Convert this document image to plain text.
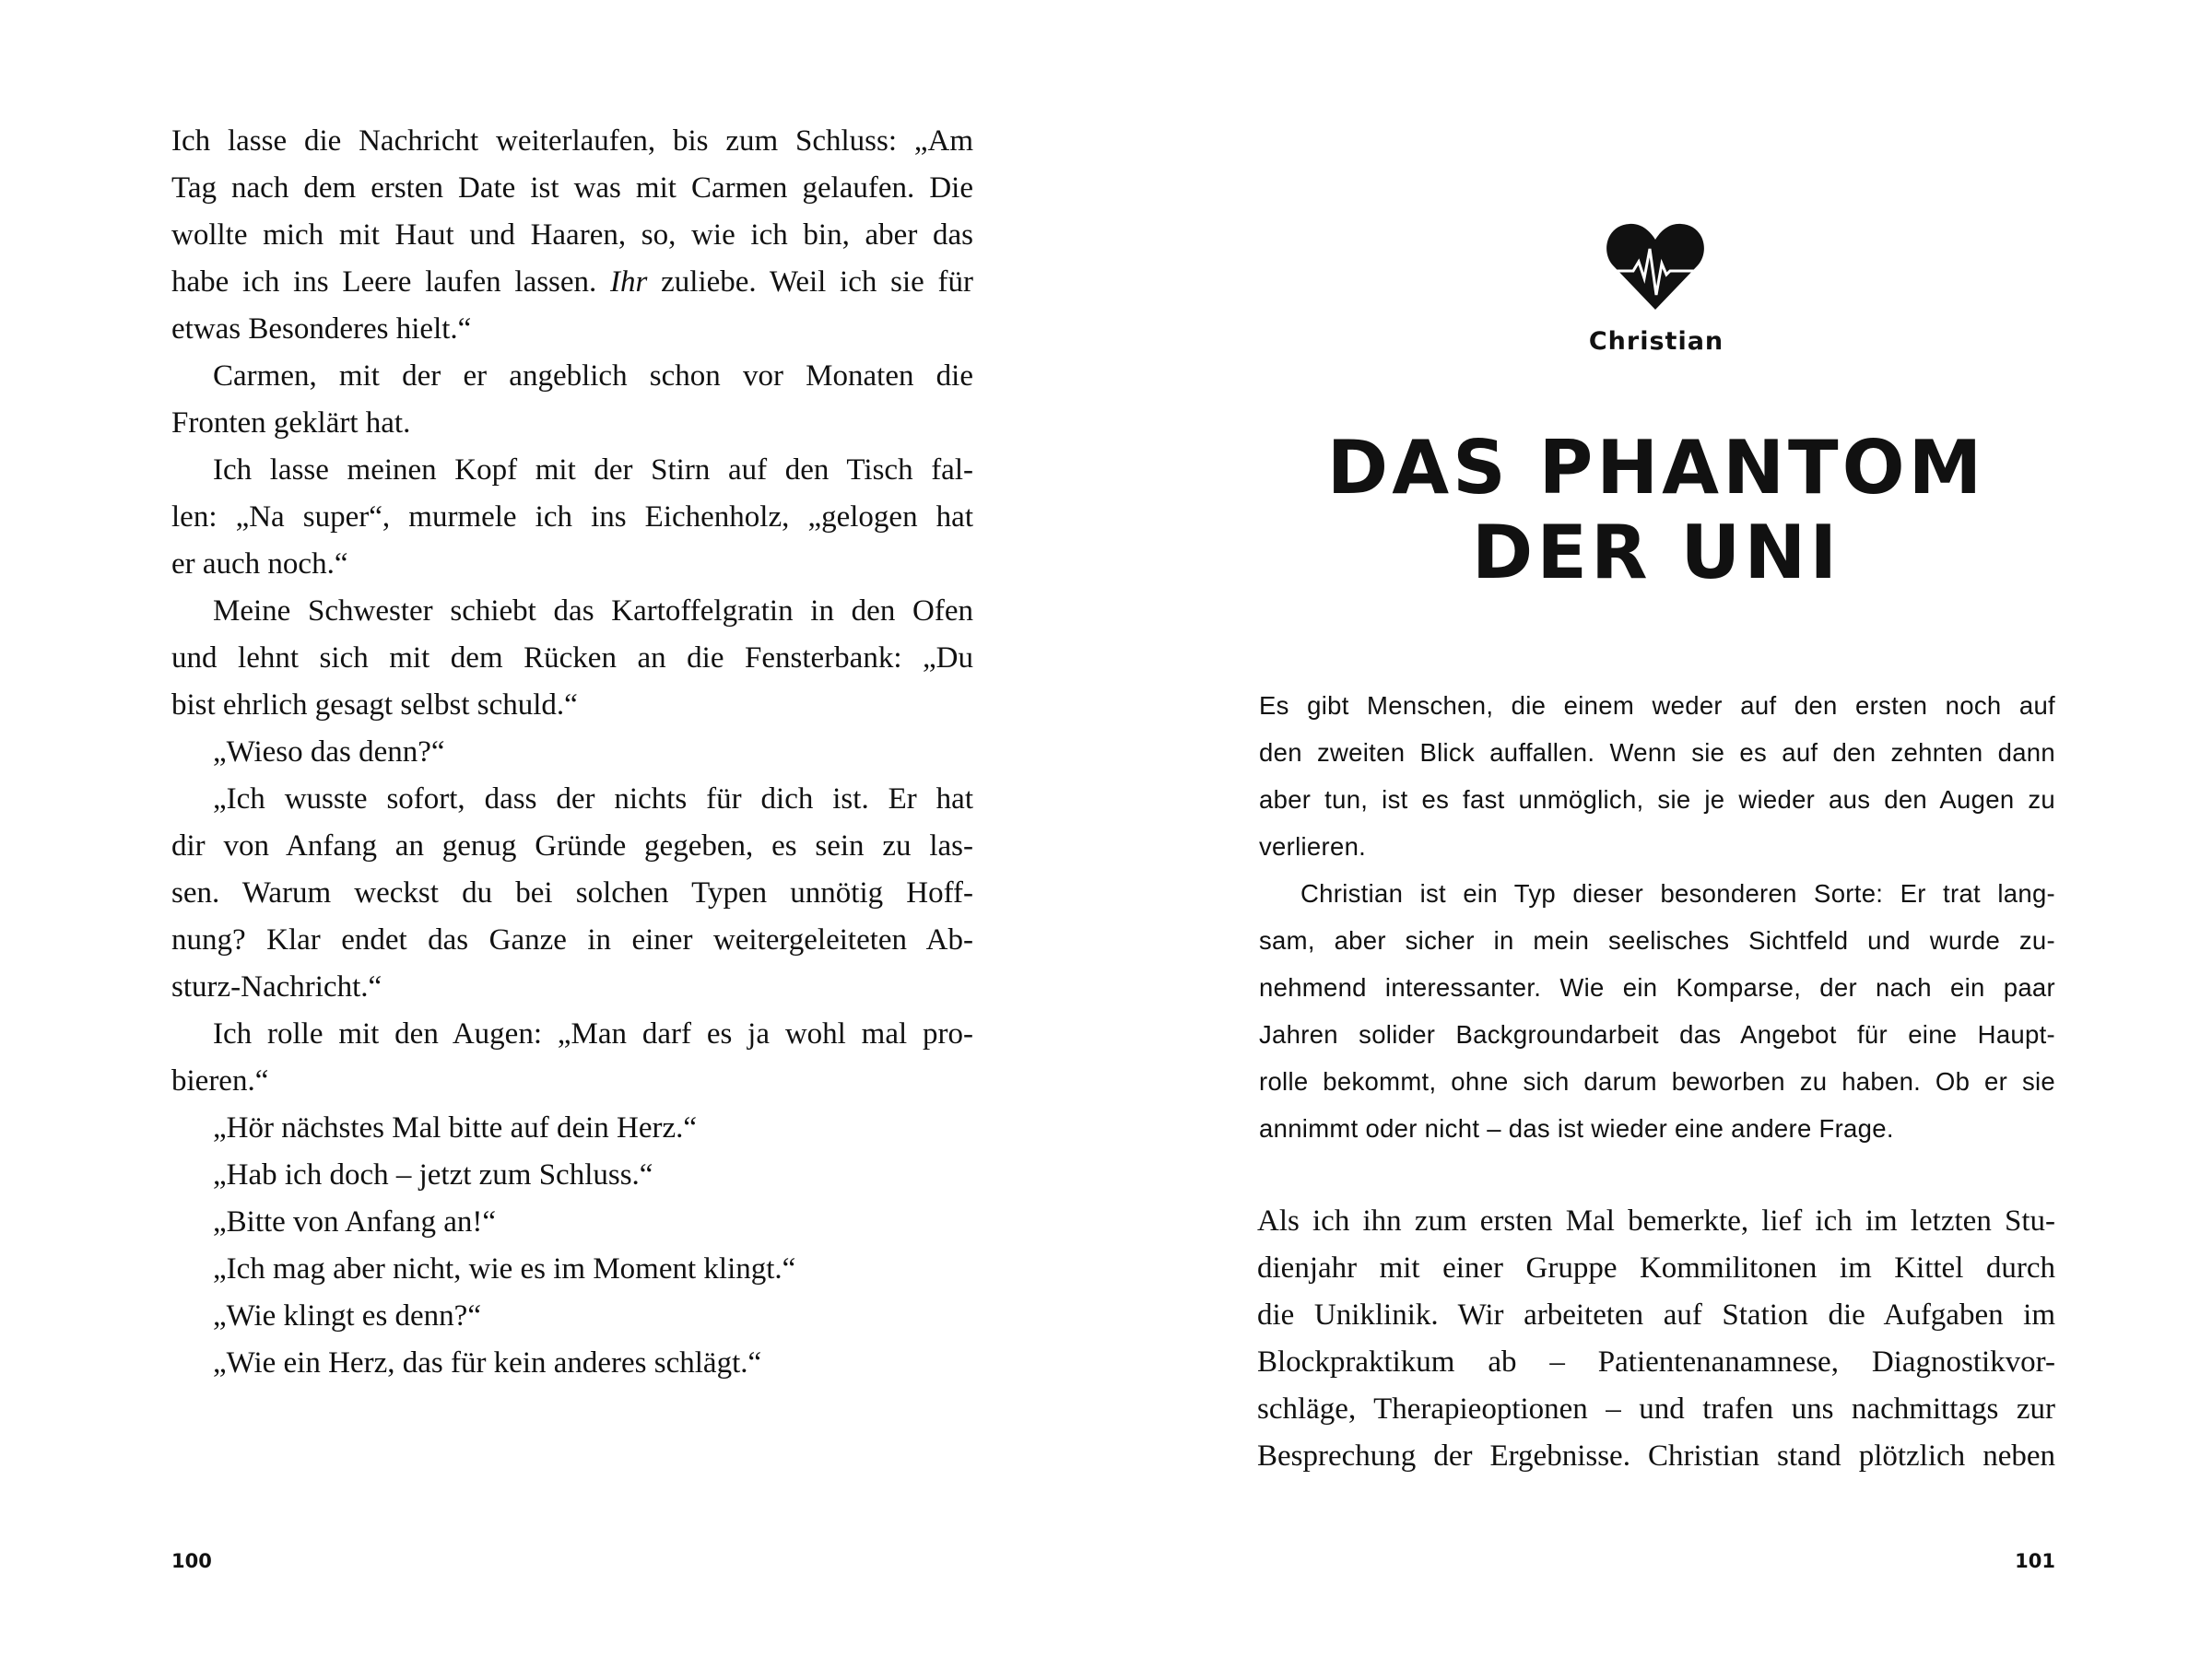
Ich lasse die Nachricht weiterlaufen, bis zum Schluss: „Am
Tag nach dem ersten Date ist was mit Carmen gelaufen. Die
wollte mich mit Haut und Haaren, so, wie ich bin, aber das
habe ich ins Leere laufen lassen. Ihr zuliebe. Weil ich sie für
etwas Besonderes hielt.“
Carmen, mit der er angeblich schon vor Monaten die
Fronten geklärt hat.
Ich lasse meinen Kopf mit der Stirn auf den Tisch fal-
len: „Na super“, murmele ich ins Eichenholz, „gelogen hat
er auch noch.“
Meine Schwester schiebt das Kartoffelgratin in den Ofen
und lehnt sich mit dem Rücken an die Fensterbank: „Du
bist ehrlich gesagt selbst schuld.“
„Wieso das denn?“
„Ich wusste sofort, dass der nichts für dich ist. Er hat
dir von Anfang an genug Gründe gegeben, es sein zu las-
sen. Warum weckst du bei solchen Typen unnötig Hoff-
nung? Klar endet das Ganze in einer weitergeleiteten Ab-
sturz-Nachricht.“
Ich rolle mit den Augen: „Man darf es ja wohl mal pro-
bieren.“
„Hör nächstes Mal bitte auf dein Herz.“
„Hab ich doch – jetzt zum Schluss.“
„Bitte von Anfang an!“
„Ich mag aber nicht, wie es im Moment klingt.“
„Wie klingt es denn?“
„Wie ein Herz, das für kein anderes schlägt.“
100
Christian
DAS PHANTOM
DER UNI
Es gibt Menschen, die einem weder auf den ersten noch auf
den zweiten Blick auffallen. Wenn sie es auf den zehnten dann
aber tun, ist es fast unmöglich, sie je wieder aus den Augen zu
verlieren.
Christian ist ein Typ dieser besonderen Sorte: Er trat lang-
sam, aber sicher in mein seelisches Sichtfeld und wurde zu-
nehmend interessanter. Wie ein Komparse, der nach ein paar
Jahren solider Backgroundarbeit das Angebot für eine Haupt-
rolle bekommt, ohne sich darum beworben zu haben. Ob er sie
annimmt oder nicht – das ist wieder eine andere Frage.
Als ich ihn zum ersten Mal bemerkte, lief ich im letzten Stu-
dienjahr mit einer Gruppe Kommilitonen im Kittel durch
die Uniklinik. Wir arbeiteten auf Station die Aufgaben im
Blockpraktikum ab – Patientenanamnese, Diagnostikvor-
schläge, Therapieoptionen – und trafen uns nachmittags zur
Besprechung der Ergebnisse. Christian stand plötzlich neben
101
